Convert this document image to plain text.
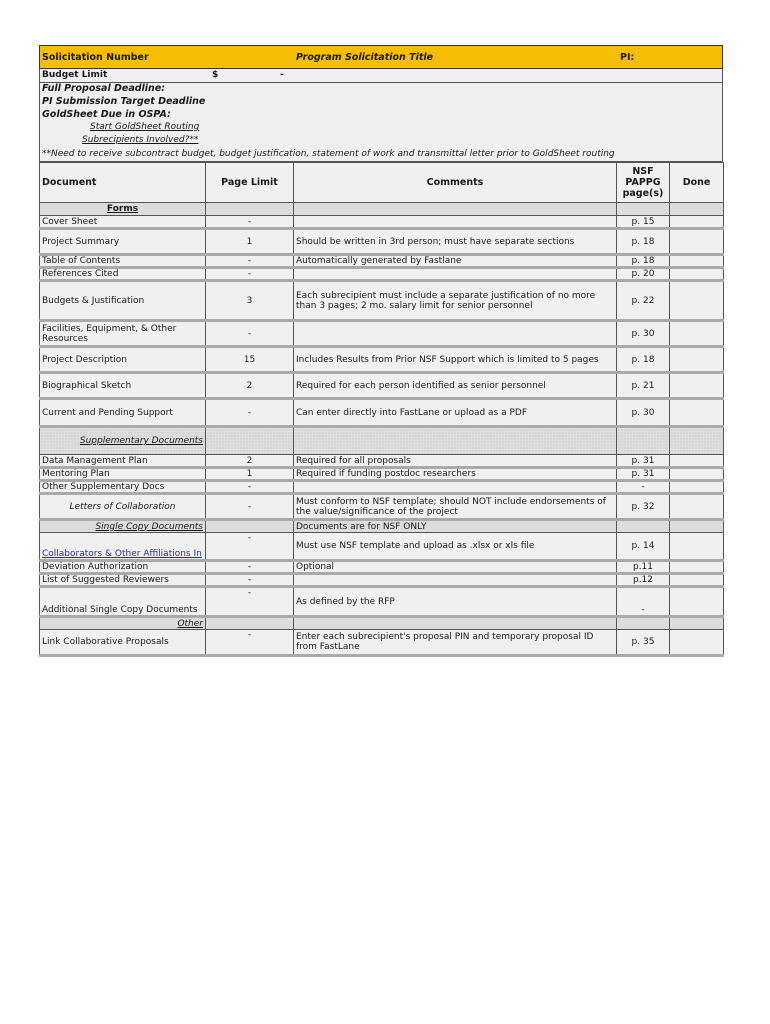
Solicitation Number	Program Solicitation Title	PI:
Budget Limit	$	-
Full Proposal Deadline:
PI Submission Target Deadline
GoldSheet Due in OSPA:
Start GoldSheet Routing
Subrecipients Involved?**
**Need to receive subcontract budget, budget justification, statement of work and transmittal letter prior to GoldSheet routing
Document	Page Limit	Comments	NSF PAPPG page(s)	Done
Forms				
Cover Sheet	-		p. 15	
Project Summary	1	Should be written in 3rd person; must have separate sections	p. 18	
Table of Contents	-	Automatically generated by Fastlane	p. 18	
References Cited	-		p. 20	
Budgets & Justification	3	Each subrecipient must include a separate justification of no more than 3 pages; 2 mo. salary limit for senior personnel	p. 22	
Facilities, Equipment, & Other Resources	-		p. 30	
Project Description	15	Includes Results from Prior NSF Support which is limited to 5 pages	p. 18	
Biographical Sketch	2	Required for each person identified as senior personnel	p. 21	
Current and Pending Support	-	Can enter directly into FastLane or upload as a PDF	p. 30	
Supplementary Documents				
Data Management Plan	2	Required for all proposals	p. 31	
Mentoring Plan	1	Required if funding postdoc researchers	p. 31	
Other Supplementary Docs	-		-	
Letters of Collaboration	-	Must conform to NSF template; should NOT include endorsements of the value/significance of the project	p. 32	
Single Copy Documents		Documents are for NSF ONLY		
Collaborators & Other Affiliations In	-	Must use NSF template and upload as .xlsx or xls file	p. 14	
Deviation Authorization	-	Optional	p.11	
List of Suggested Reviewers	-		p.12	
Additional Single Copy Documents	-	As defined by the RFP	-	
Other				
Link Collaborative Proposals	-	Enter each subrecipient's proposal PIN and temporary proposal ID from FastLane	p. 35	
